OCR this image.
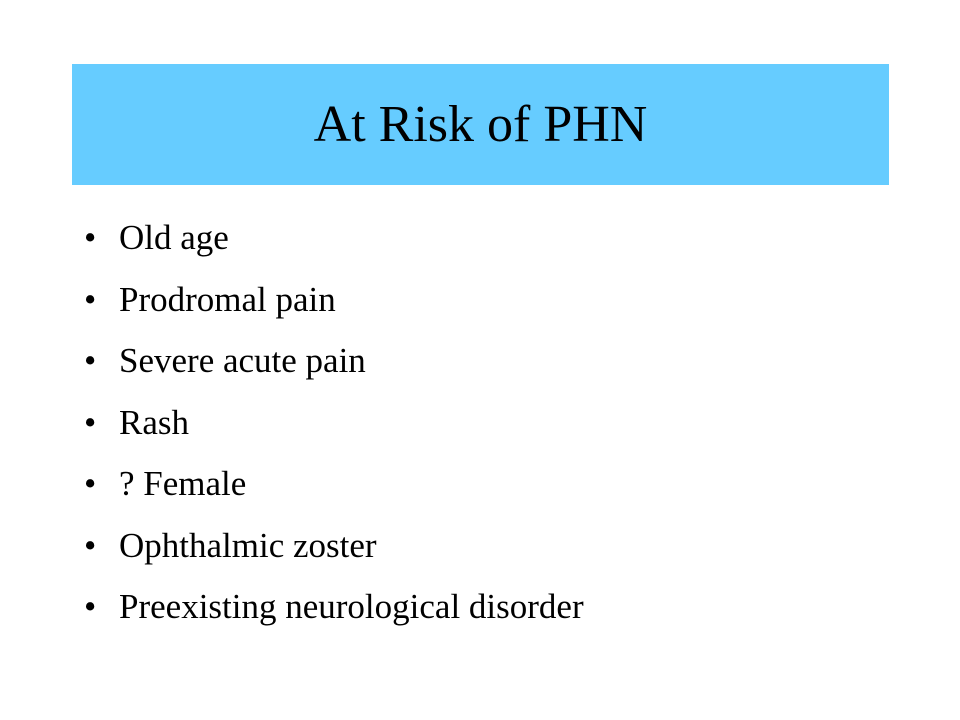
At Risk of PHN
• Old age
• Prodromal pain
• Severe acute pain
• Rash
• ? Female
• Ophthalmic zoster
• Preexisting neurological disorder
